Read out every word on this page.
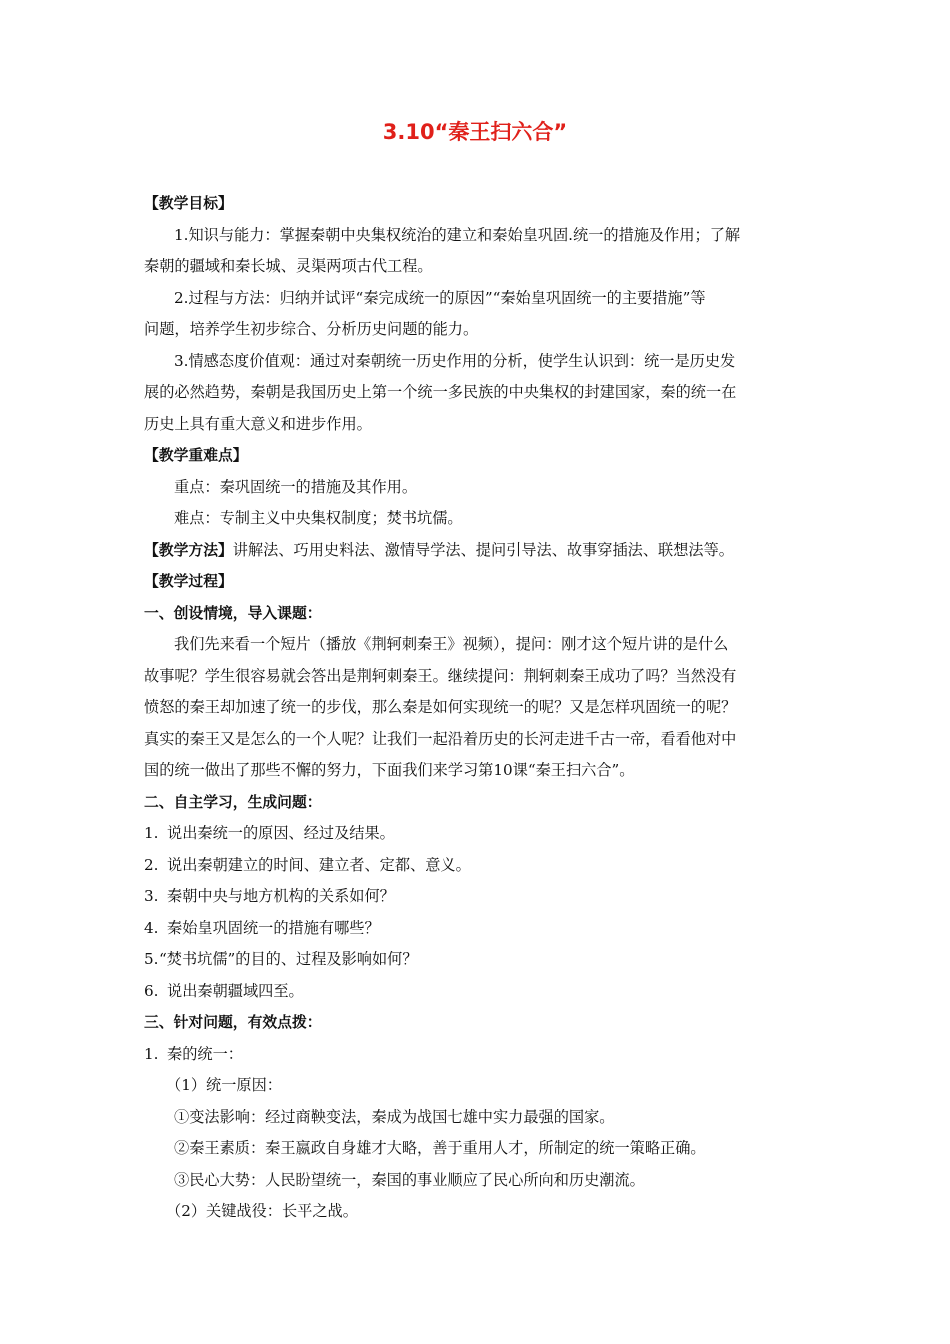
3.10“秦王扫六合”
【教学目标】
1.知识与能力：掌握秦朝中央集权统治的建立和秦始皇巩固.统一的措施及作用；了解
秦朝的疆域和秦长城、灵渠两项古代工程。
2.过程与方法：归纳并试评“秦完成统一的原因”“秦始皇巩固统一的主要措施”等
问题，培养学生初步综合、分析历史问题的能力。
3.情感态度价值观：通过对秦朝统一历史作用的分析，使学生认识到：统一是历史发
展的必然趋势，秦朝是我国历史上第一个统一多民族的中央集权的封建国家，秦的统一在
历史上具有重大意义和进步作用。
【教学重难点】
重点：秦巩固统一的措施及其作用。
难点：专制主义中央集权制度；焚书坑儒。
【教学方法】讲解法、巧用史料法、激情导学法、提问引导法、故事穿插法、联想法等。
【教学过程】
一、创设情境，导入课题：
我们先来看一个短片（播放《荆轲刺秦王》视频），提问：刚才这个短片讲的是什么
故事呢？学生很容易就会答出是荆轲刺秦王。继续提问：荆轲刺秦王成功了吗？当然没有
愤怒的秦王却加速了统一的步伐，那么秦是如何实现统一的呢？又是怎样巩固统一的呢？
真实的秦王又是怎么的一个人呢？让我们一起沿着历史的长河走进千古一帝，看看他对中
国的统一做出了那些不懈的努力，下面我们来学习第10课“秦王扫六合”。
二、自主学习，生成问题：
1. 说出秦统一的原因、经过及结果。
2. 说出秦朝建立的时间、建立者、定都、意义。
3. 秦朝中央与地方机构的关系如何？
4. 秦始皇巩固统一的措施有哪些？
5.“焚书坑儒”的目的、过程及影响如何？
6. 说出秦朝疆域四至。
三、针对问题，有效点拨：
1. 秦的统一：
（1）统一原因：
①变法影响：经过商鞅变法，秦成为战国七雄中实力最强的国家。
②秦王素质：秦王嬴政自身雄才大略，善于重用人才，所制定的统一策略正确。
③民心大势：人民盼望统一，秦国的事业顺应了民心所向和历史潮流。
（2）关键战役：长平之战。
